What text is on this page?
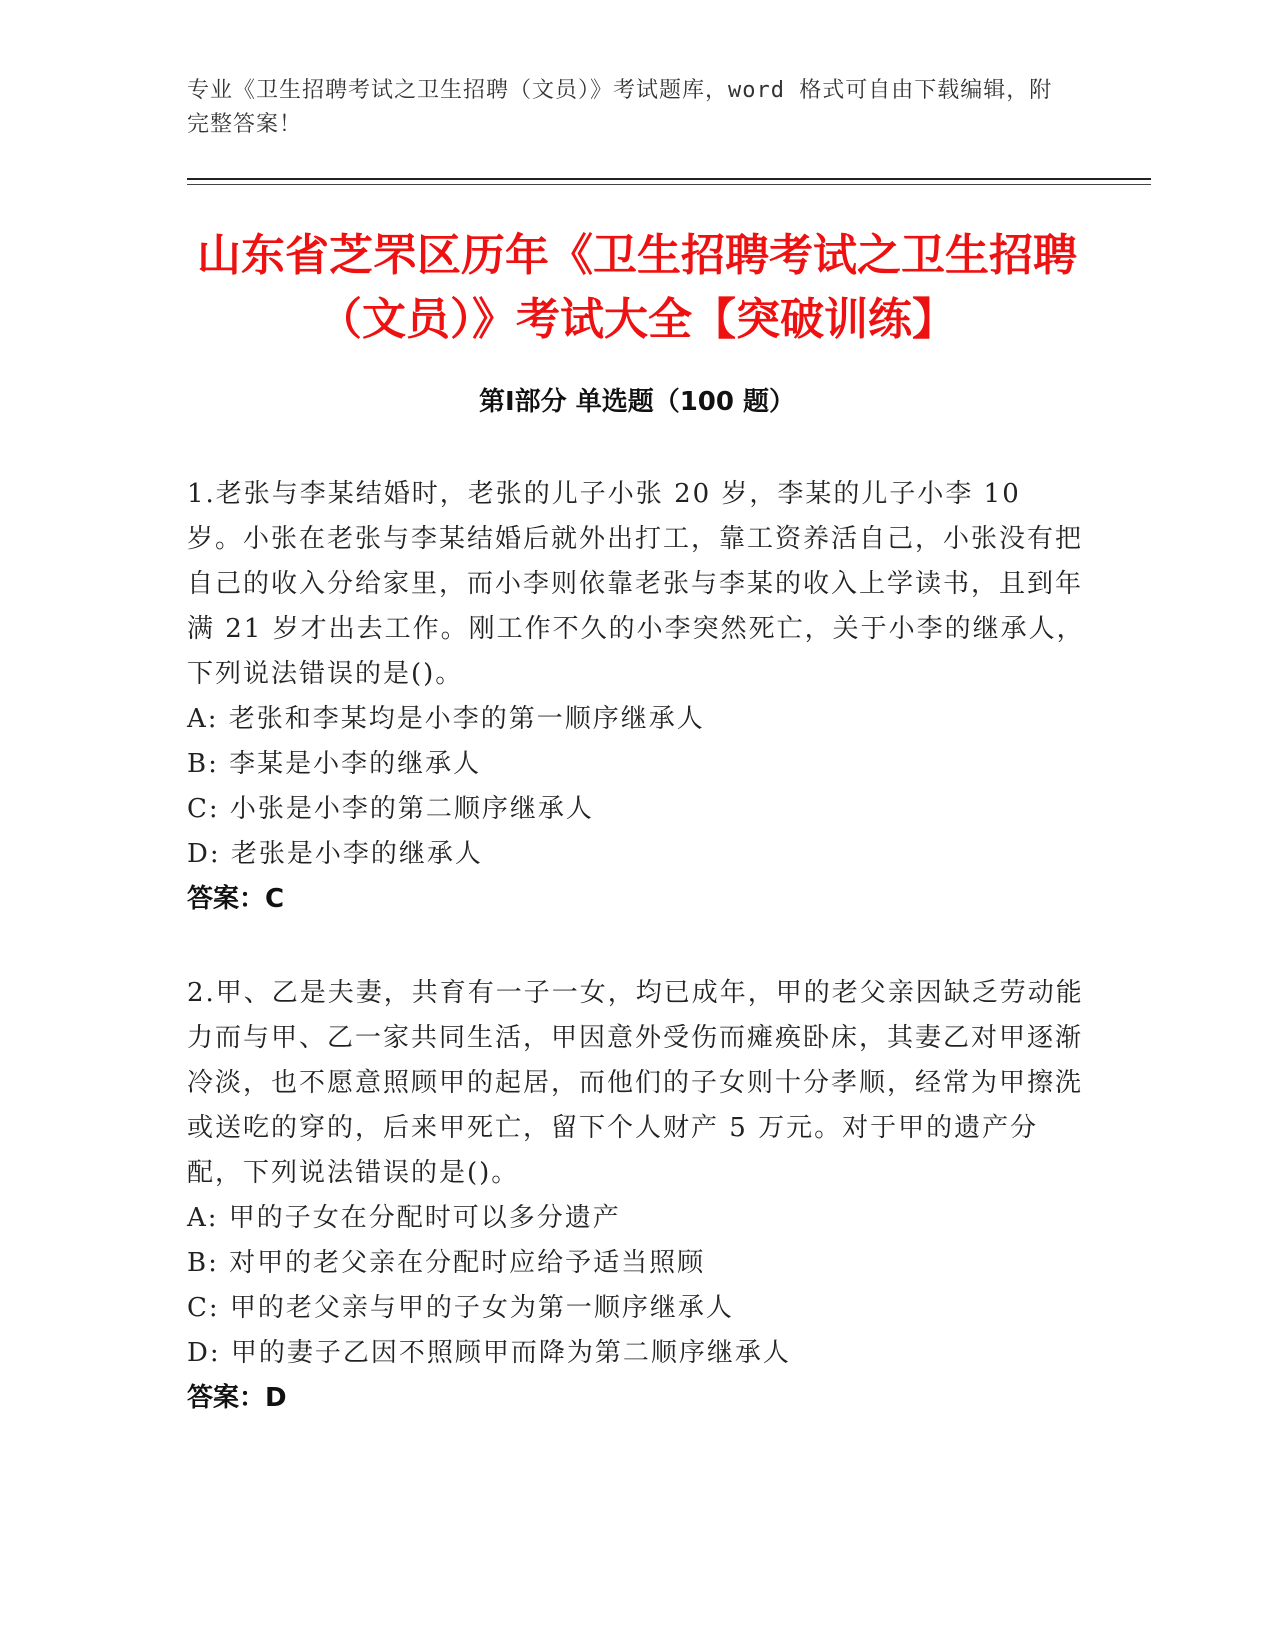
专业《卫生招聘考试之卫生招聘（文员）》考试题库，word 格式可自由下载编辑，附完整答案！

山东省芝罘区历年《卫生招聘考试之卫生招聘（文员）》考试大全【突破训练】
第Ⅰ部分 单选题（100 题）

1.老张与李某结婚时，老张的儿子小张 20 岁，李某的儿子小李 10 岁。小张在老张与李某结婚后就外出打工，靠工资养活自己，小张没有把自己的收入分给家里，而小李则依靠老张与李某的收入上学读书，且到年满 21 岁才出去工作。刚工作不久的小李突然死亡，关于小李的继承人，下列说法错误的是()。

A: 老张和李某均是小李的第一顺序继承人

B: 李某是小李的继承人

C: 小张是小李的第二顺序继承人

D: 老张是小李的继承人

答案：C

2.甲、乙是夫妻，共育有一子一女，均已成年，甲的老父亲因缺乏劳动能力而与甲、乙一家共同生活，甲因意外受伤而瘫痪卧床，其妻乙对甲逐渐冷淡，也不愿意照顾甲的起居，而他们的子女则十分孝顺，经常为甲擦洗或送吃的穿的，后来甲死亡，留下个人财产 5 万元。对于甲的遗产分配，下列说法错误的是()。

A: 甲的子女在分配时可以多分遗产

B: 对甲的老父亲在分配时应给予适当照顾

C: 甲的老父亲与甲的子女为第一顺序继承人

D: 甲的妻子乙因不照顾甲而降为第二顺序继承人

答案：D
